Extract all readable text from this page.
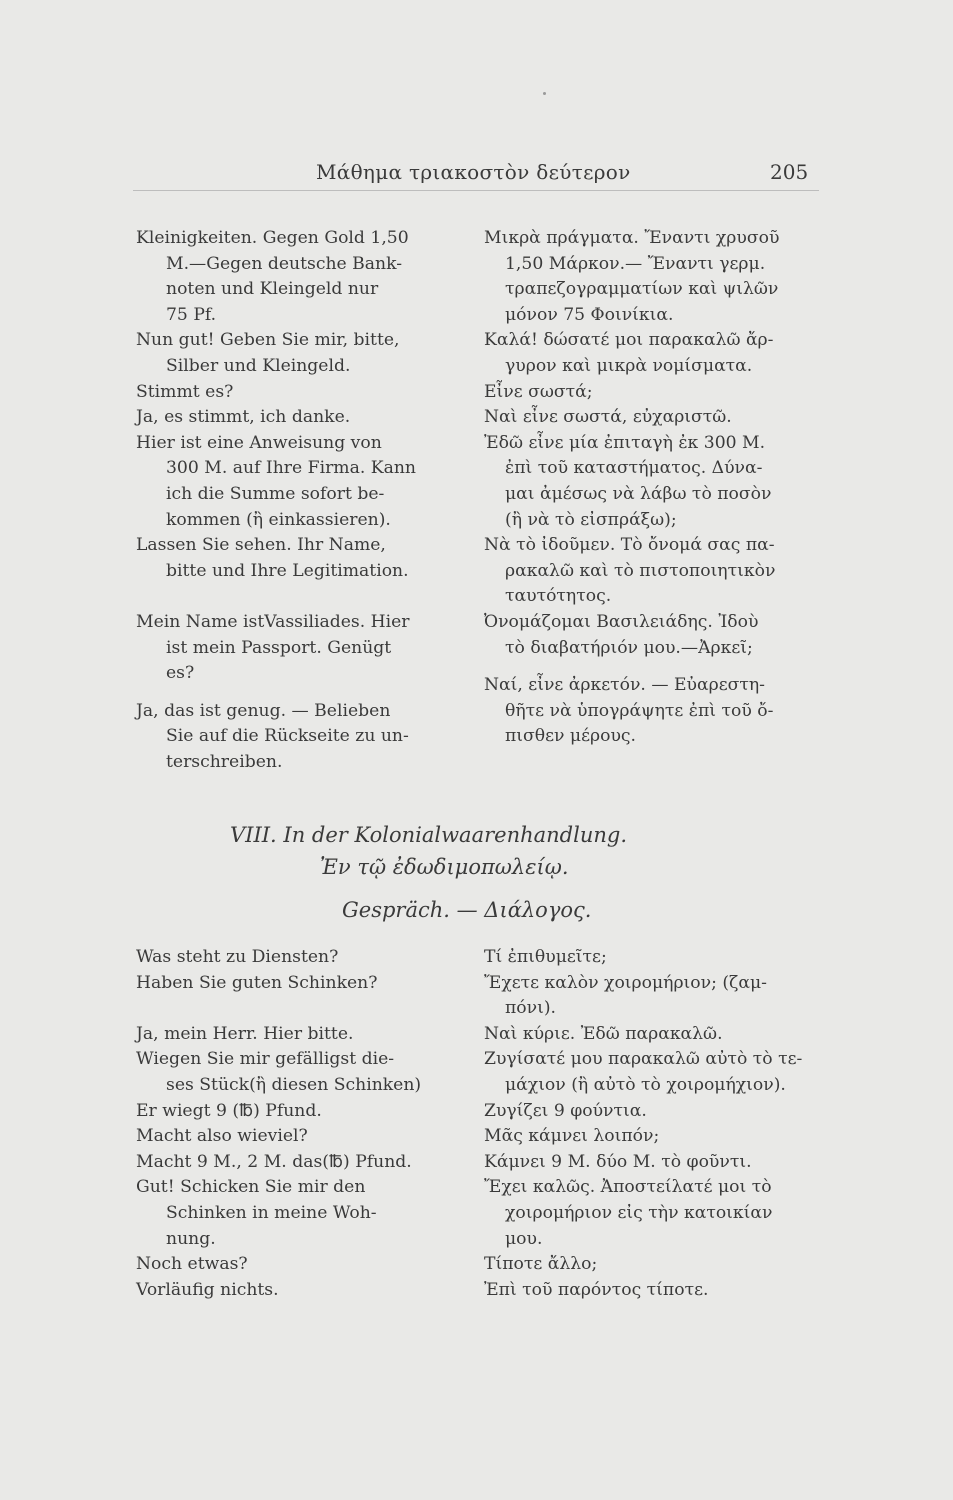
Μάθημα τριακοστὸν δεύτερον	205
Kleinigkeiten. Gegen Gold 1,50
M.—Gegen deutsche Bank-
noten und Kleingeld nur
75 Pf.
Nun gut! Geben Sie mir, bitte,
Silber und Kleingeld.
Stimmt es?
Ja, es stimmt, ich danke.
Hier ist eine Anweisung von
300 M. auf Ihre Firma. Kann
ich die Summe sofort be-
kommen (ἢ einkassieren).
Lassen Sie sehen. Ihr Name,
bitte und Ihre Legitimation.
Mein Name istVassiliades. Hier
ist mein Passport. Genügt
es?
Ja, das ist genug. — Belieben
Sie auf die Rückseite zu un-
terschreiben.
Μικρὰ πράγματα. Ἔναντι χρυσοῦ
1,50 Μάρκον.— Ἔναντι γερμ.
τραπεζογραμματίων καὶ ψιλῶν
μόνον 75 Φοινίκια.
Καλά! δώσατέ μοι παρακαλῶ ἄρ-
γυρον καὶ μικρὰ νομίσματα.
Εἶνε σωστά;
Ναὶ εἶνε σωστά, εὐχαριστῶ.
Ἐδῶ εἶνε μία ἐπιταγὴ ἐκ 300 Μ.
ἐπὶ τοῦ καταστήματος. Δύνα-
μαι ἀμέσως νὰ λάβω τὸ ποσὸν
(ἢ νὰ τὸ εἰσπράξω);
Νὰ τὸ ἰδοῦμεν. Τὸ ὄνομά σας πα-
ρακαλῶ καὶ τὸ πιστοποιητικὸν
ταυτότητος.
Ὀνομάζομαι Βασιλειάδης. Ἰδοὺ
τὸ διαβατήριόν μου.—Ἀρκεῖ;
Ναί, εἶνε ἀρκετόν. — Εὐαρεστη-
θῆτε νὰ ὑπογράψητε ἐπὶ τοῦ ὄ-
πισθεν μέρους.
VIII. In der Kolonialwaarenhandlung.
Ἐν τῷ ἐδωδιμοπωλείῳ.
Gespräch. — Διάλογος.
Was steht zu Diensten?
Haben Sie guten Schinken?
Ja, mein Herr. Hier bitte.
Wiegen Sie mir gefälligst die-
ses Stück(ἢ diesen Schinken)
Er wiegt 9 (℔) Pfund.
Macht also wieviel?
Macht 9 M., 2 M. das(℔) Pfund.
Gut! Schicken Sie mir den
Schinken in meine Woh-
nung.
Noch etwas?
Vorläufig nichts.
Τί ἐπιθυμεῖτε;
Ἔχετε καλὸν χοιρομήριον; (ζαμ-
πόνι).
Ναὶ κύριε. Ἐδῶ παρακαλῶ.
Ζυγίσατέ μου παρακαλῶ αὐτὸ τὸ τε-
μάχιον (ἢ αὐτὸ τὸ χοιρομήχιον).
Ζυγίζει 9 φούντια.
Μᾶς κάμνει λοιπόν;
Κάμνει 9 Μ. δύο Μ. τὸ φοῦντι.
Ἔχει καλῶς. Ἀποστείλατέ μοι τὸ
χοιρομήριον εἰς τὴν κατοικίαν
μου.
Τίποτε ἄλλο;
Ἐπὶ τοῦ παρόντος τίποτε.
